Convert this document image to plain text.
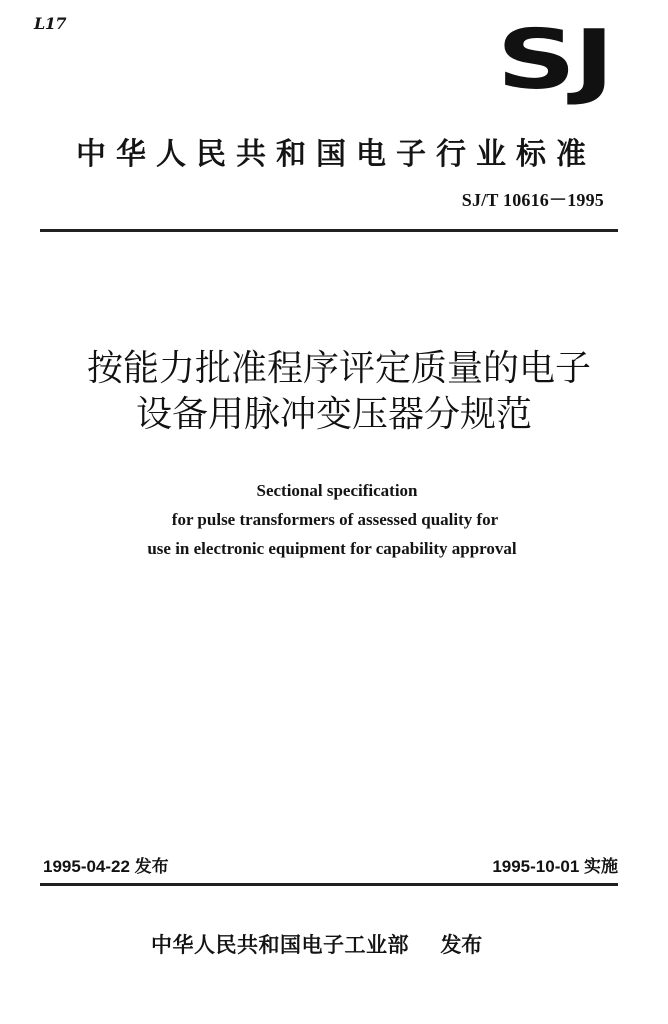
L17	SJ
中华人民共和国电子行业标准
SJ/T 10616－1995
按能力批准程序评定质量的电子
设备用脉冲变压器分规范
Sectional specification
for pulse transformers of assessed quality for
use in electronic equipment for capability approval
1995-04-22 发布	1995-10-01 实施
中华人民共和国电子工业部 发布
